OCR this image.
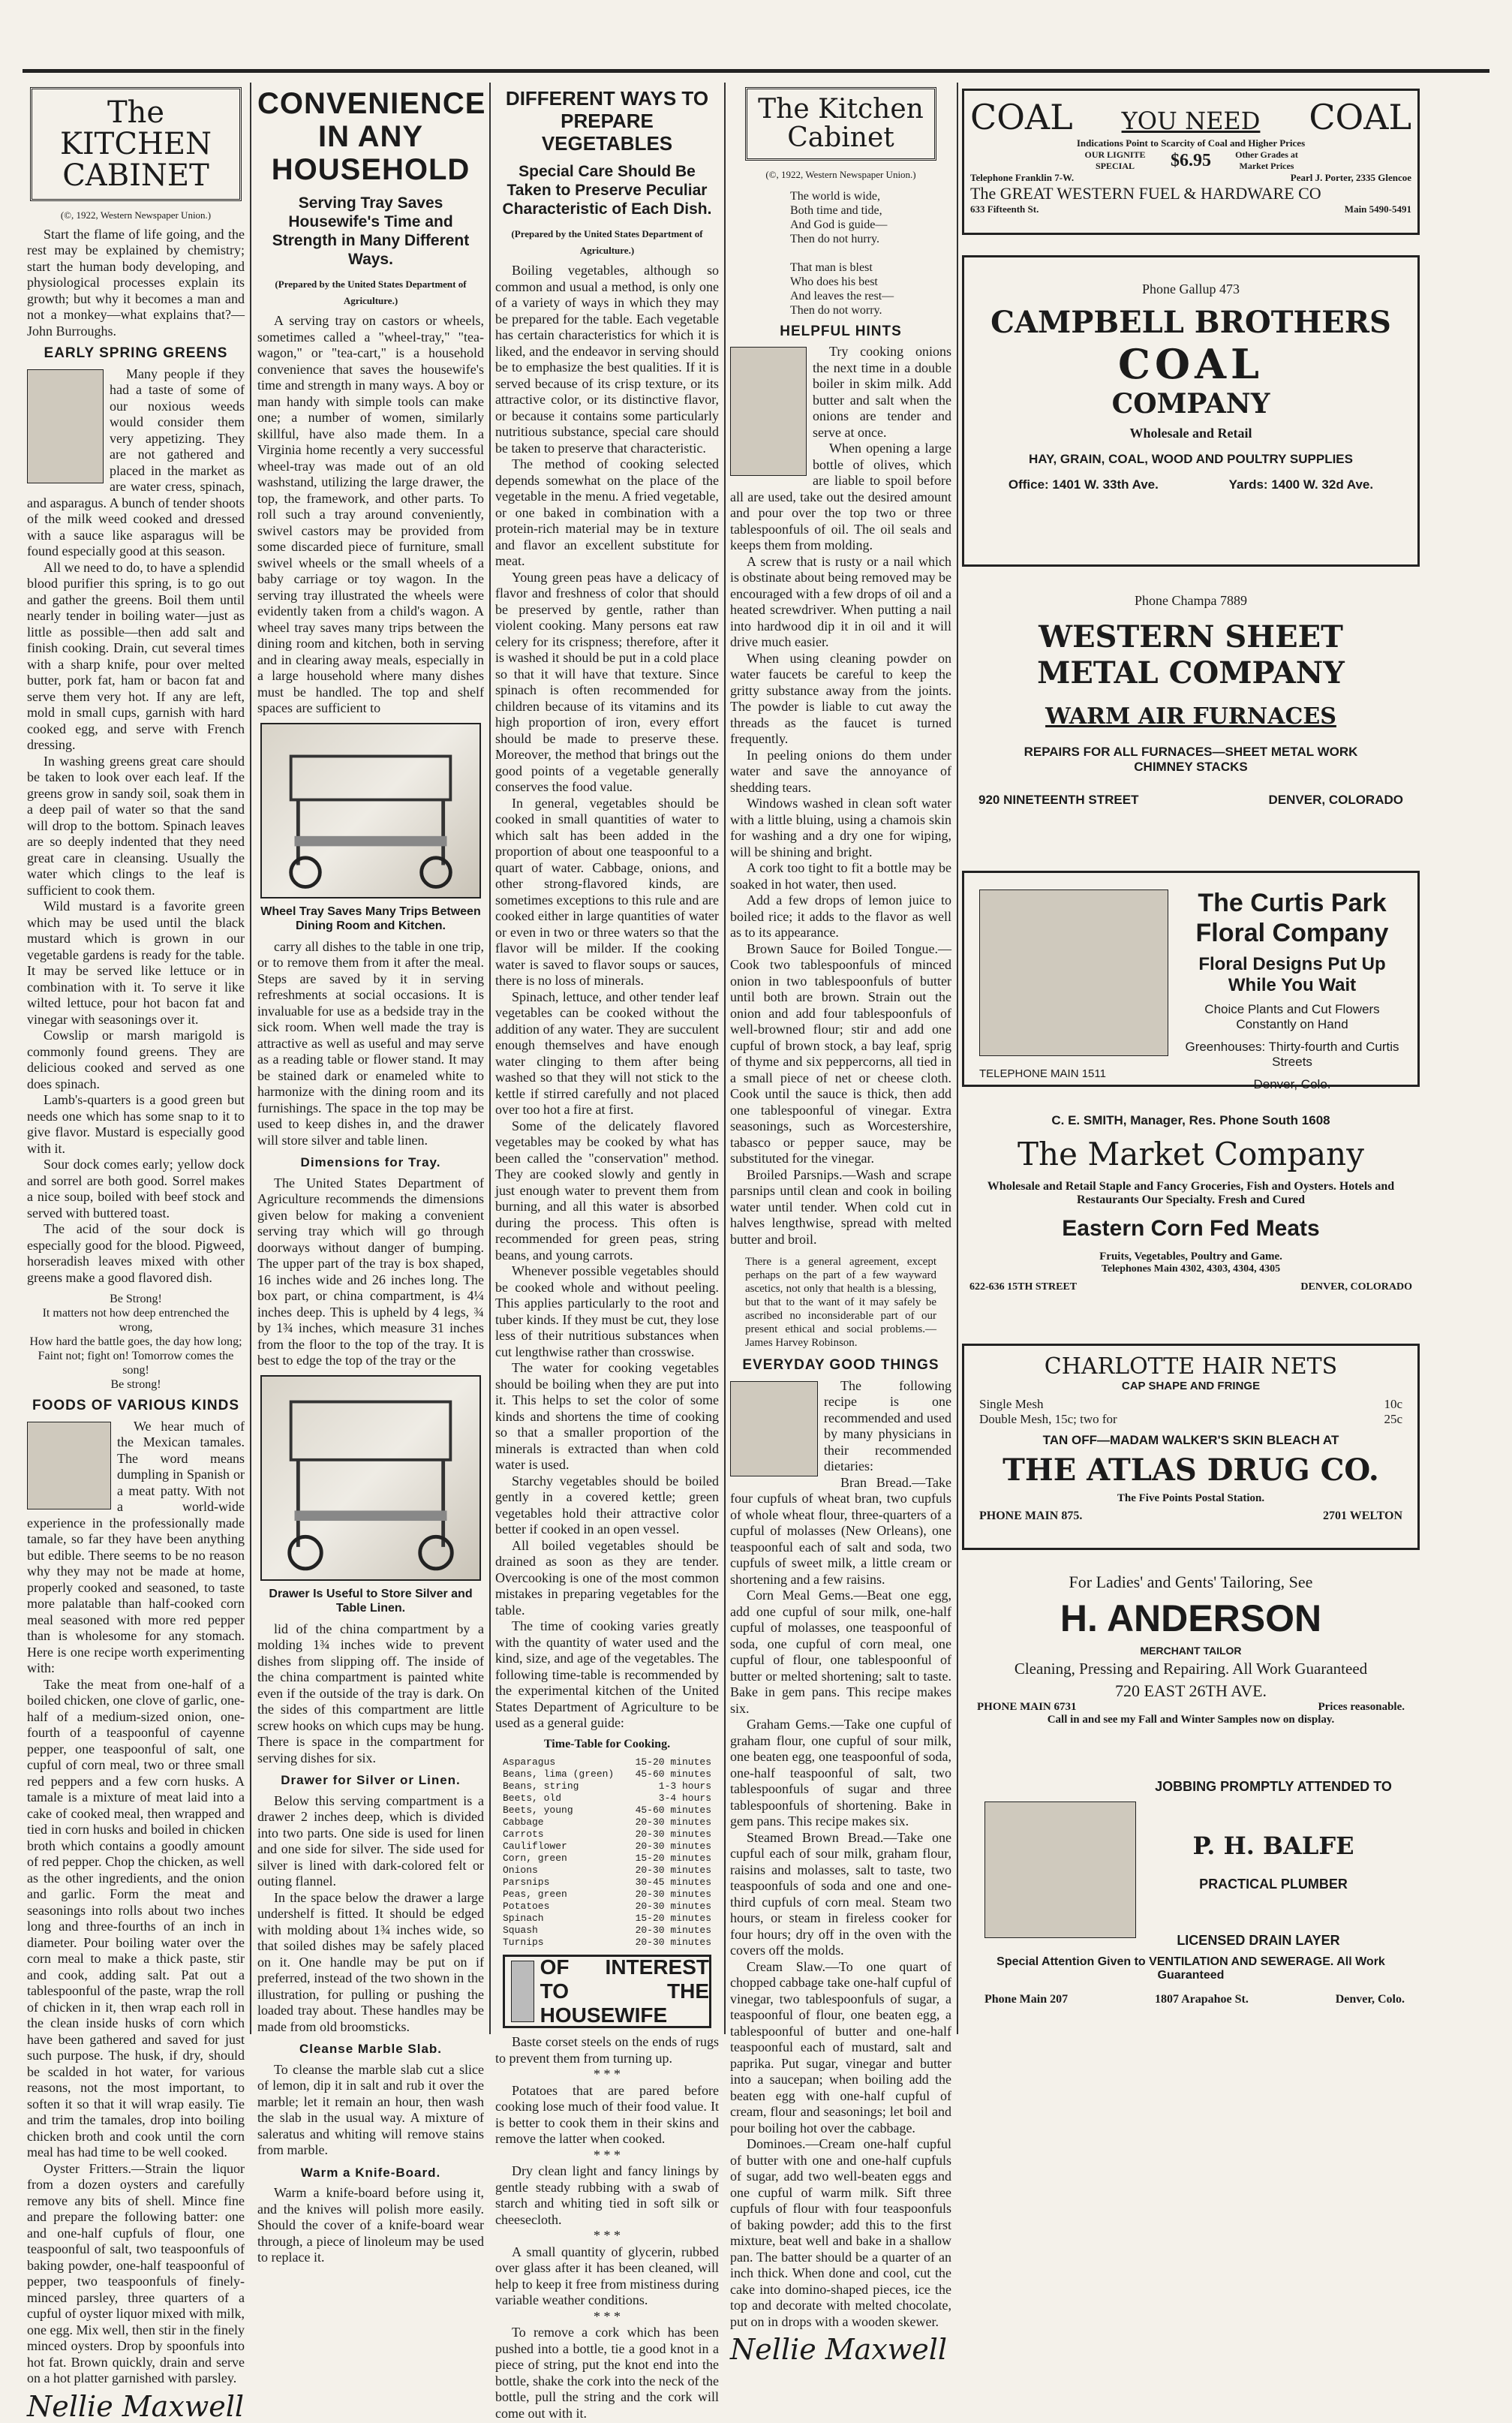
The KITCHEN CABINET
(©, 1922, Western Newspaper Union.)

Start the flame of life going, and the rest may be explained by chemistry; start the human body developing, and physiological processes explain its growth; but why it becomes a man and not a monkey—what explains that?—John Burroughs.

EARLY SPRING GREENS

Many people if they had a taste of some of our noxious weeds would consider them very appetizing. They are not gathered and placed in the market as are water cress, spinach, and asparagus. A bunch of tender shoots of the milk weed cooked and dressed with a sauce like asparagus will be found especially good at this season.

All we need to do, to have a splendid blood purifier this spring, is to go out and gather the greens. Boil them until nearly tender in boiling water—just as little as possible—then add salt and finish cooking. Drain, cut several times with a sharp knife, pour over melted butter, pork fat, ham or bacon fat and serve them very hot. If any are left, mold in small cups, garnish with hard cooked egg, and serve with French dressing.

In washing greens great care should be taken to look over each leaf. If the greens grow in sandy soil, soak them in a deep pail of water so that the sand will drop to the bottom. Spinach leaves are so deeply indented that they need great care in cleansing. Usually the water which clings to the leaf is sufficient to cook them.

Wild mustard is a favorite green which may be used until the black mustard which is grown in our vegetable gardens is ready for the table. It may be served like lettuce or in combination with it. To serve it like wilted lettuce, pour hot bacon fat and vinegar with seasonings over it.

Cowslip or marsh marigold is commonly found greens. They are delicious cooked and served as one does spinach.

Lamb's-quarters is a good green but needs one which has some snap to it to give flavor. Mustard is especially good with it.

Sour dock comes early; yellow dock and sorrel are both good. Sorrel makes a nice soup, boiled with beef stock and served with buttered toast.

The acid of the sour dock is especially good for the blood. Pigweed, horseradish leaves mixed with other greens make a good flavored dish.

Be Strong!
It matters not how deep entrenched the wrong,
How hard the battle goes, the day how long;
Faint not; fight on! Tomorrow comes the song!
Be strong!
FOODS OF VARIOUS KINDS

We hear much of the Mexican tamales. The word means dumpling in Spanish or a meat patty. With not a world-wide experience in the professionally made tamale, so far they have been anything but edible. There seems to be no reason why they may not be made at home, properly cooked and seasoned, to taste more palatable than half-cooked corn meal seasoned with more red pepper than is wholesome for any stomach. Here is one recipe worth experimenting with:

Take the meat from one-half of a boiled chicken, one clove of garlic, one-half of a medium-sized onion, one-fourth of a teaspoonful of cayenne pepper, one teaspoonful of salt, one cupful of corn meal, two or three small red peppers and a few corn husks. A tamale is a mixture of meat laid into a cake of cooked meal, then wrapped and tied in corn husks and boiled in chicken broth which contains a goodly amount of red pepper. Chop the chicken, as well as the other ingredients, and the onion and garlic. Form the meat and seasonings into rolls about two inches long and three-fourths of an inch in diameter. Pour boiling water over the corn meal to make a thick paste, stir and cook, adding salt. Pat out a tablespoonful of the paste, wrap the roll of chicken in it, then wrap each roll in the clean inside husks of corn which have been gathered and saved for just such purpose. The husk, if dry, should be scalded in hot water, for various reasons, not the most important, to soften it so that it will wrap easily. Tie and trim the tamales, drop into boiling chicken broth and cook until the corn meal has had time to be well cooked.

Oyster Fritters.—Strain the liquor from a dozen oysters and carefully remove any bits of shell. Mince fine and prepare the following batter: one and one-half cupfuls of flour, one teaspoonful of salt, two teaspoonfuls of baking powder, one-half teaspoonful of pepper, two teaspoonfuls of finely-minced parsley, three quarters of a cupful of oyster liquor mixed with milk, one egg. Mix well, then stir in the finely minced oysters. Drop by spoonfuls into hot fat. Brown quickly, drain and serve on a hot platter garnished with parsley.

Nellie Maxwell
CONVENIENCE IN ANY HOUSEHOLD
Serving Tray Saves Housewife's Time and Strength in Many Different Ways.
(Prepared by the United States Department of Agriculture.)

A serving tray on castors or wheels, sometimes called a "wheel-tray," "tea-wagon," or "tea-cart," is a household convenience that saves the housewife's time and strength in many ways. A boy or man handy with simple tools can make one; a number of women, similarly skillful, have also made them. In a Virginia home recently a very successful wheel-tray was made out of an old washstand, utilizing the large drawer, the top, the framework, and other parts. To roll such a tray around conveniently, swivel castors may be provided from some discarded piece of furniture, small swivel wheels or the small wheels of a baby carriage or toy wagon. In the serving tray illustrated the wheels were evidently taken from a child's wagon. A wheel tray saves many trips between the dining room and kitchen, both in serving and in clearing away meals, especially in a large household where many dishes must be handled. The top and shelf spaces are sufficient to

Wheel Tray Saves Many Trips Between Dining Room and Kitchen.

carry all dishes to the table in one trip, or to remove them from it after the meal. Steps are saved by it in serving refreshments at social occasions. It is invaluable for use as a bedside tray in the sick room. When well made the tray is attractive as well as useful and may serve as a reading table or flower stand. It may be stained dark or enameled white to harmonize with the dining room and its furnishings. The space in the top may be used to keep dishes in, and the drawer will store silver and table linen.

Dimensions for Tray.

The United States Department of Agriculture recommends the dimensions given below for making a convenient serving tray which will go through doorways without danger of bumping. The upper part of the tray is box shaped, 16 inches wide and 26 inches long. The box part, or china compartment, is 4¼ inches deep. This is upheld by 4 legs, ¾ by 1¾ inches, which measure 31 inches from the floor to the top of the tray. It is best to edge the top of the tray or the

Drawer Is Useful to Store Silver and Table Linen.

lid of the china compartment by a molding 1¾ inches wide to prevent dishes from slipping off. The inside of the china compartment is painted white even if the outside of the tray is dark. On the sides of this compartment are little screw hooks on which cups may be hung. There is space in the compartment for serving dishes for six.

Drawer for Silver or Linen.

Below this serving compartment is a drawer 2 inches deep, which is divided into two parts. One side is used for linen and one side for silver. The side used for silver is lined with dark-colored felt or outing flannel.

In the space below the drawer a large undershelf is fitted. It should be edged with molding about 1¾ inches wide, so that soiled dishes may be safely placed on it. One handle may be put on if preferred, instead of the two shown in the illustration, for pulling or pushing the loaded tray about. These handles may be made from old broomsticks.

Cleanse Marble Slab.

To cleanse the marble slab cut a slice of lemon, dip it in salt and rub it over the marble; let it remain an hour, then wash the slab in the usual way. A mixture of saleratus and whiting will remove stains from marble.

Warm a Knife-Board.

Warm a knife-board before using it, and the knives will polish more easily. Should the cover of a knife-board wear through, a piece of linoleum may be used to replace it.

DIFFERENT WAYS TO PREPARE VEGETABLES
Special Care Should Be Taken to Preserve Peculiar Characteristic of Each Dish.
(Prepared by the United States Department of Agriculture.)

Boiling vegetables, although so common and usual a method, is only one of a variety of ways in which they may be prepared for the table. Each vegetable has certain characteristics for which it is liked, and the endeavor in serving should be to emphasize the best qualities. If it is served because of its crisp texture, or its attractive color, or its distinctive flavor, or because it contains some particularly nutritious substance, special care should be taken to preserve that characteristic.

The method of cooking selected depends somewhat on the place of the vegetable in the menu. A fried vegetable, or one baked in combination with a protein-rich material may be in texture and flavor an excellent substitute for meat.

Young green peas have a delicacy of flavor and freshness of color that should be preserved by gentle, rather than violent cooking. Many persons eat raw celery for its crispness; therefore, after it is washed it should be put in a cold place so that it will have that texture. Since spinach is often recommended for children because of its vitamins and its high proportion of iron, every effort should be made to preserve these. Moreover, the method that brings out the good points of a vegetable generally conserves the food value.

In general, vegetables should be cooked in small quantities of water to which salt has been added in the proportion of about one teaspoonful to a quart of water. Cabbage, onions, and other strong-flavored kinds, are sometimes exceptions to this rule and are cooked either in large quantities of water or even in two or three waters so that the flavor will be milder. If the cooking water is saved to flavor soups or sauces, there is no loss of minerals.

Spinach, lettuce, and other tender leaf vegetables can be cooked without the addition of any water. They are succulent enough themselves and have enough water clinging to them after being washed so that they will not stick to the kettle if stirred carefully and not placed over too hot a fire at first.

Some of the delicately flavored vegetables may be cooked by what has been called the "conservation" method. They are cooked slowly and gently in just enough water to prevent them from burning, and all this water is absorbed during the process. This often is recommended for green peas, string beans, and young carrots.

Whenever possible vegetables should be cooked whole and without peeling. This applies particularly to the root and tuber kinds. If they must be cut, they lose less of their nutritious substances when cut lengthwise rather than crosswise.

The water for cooking vegetables should be boiling when they are put into it. This helps to set the color of some kinds and shortens the time of cooking so that a smaller proportion of the minerals is extracted than when cold water is used.

Starchy vegetables should be boiled gently in a covered kettle; green vegetables hold their attractive color better if cooked in an open vessel.

All boiled vegetables should be drained as soon as they are tender. Overcooking is one of the most common mistakes in preparing vegetables for the table.

The time of cooking varies greatly with the quantity of water used and the kind, size, and age of the vegetables. The following time-table is recommended by the experimental kitchen of the United States Department of Agriculture to be used as a general guide:

Time-Table for Cooking.
Asparagus	15-20 minutes
Beans, lima (green) 45-60 minutes
Beans, string	1-3 hours
Beets, old	3-4 hours
Beets, young	45-60 minutes
Cabbage	20-30 minutes
Carrots	20-30 minutes
Cauliflower	20-30 minutes
Corn, green	15-20 minutes
Onions	20-30 minutes
Parsnips	30-45 minutes
Peas, green	20-30 minutes
Potatoes	20-30 minutes
Spinach	15-20 minutes
Squash	20-30 minutes
Turnips	20-30 minutes
OF INTEREST TO THE HOUSEWIFE

Baste corset steels on the ends of rugs to prevent them from turning up.

* * *

Potatoes that are pared before cooking lose much of their food value. It is better to cook them in their skins and remove the latter when cooked.

* * *

Dry clean light and fancy linings by gentle steady rubbing with a swab of starch and whiting tied in soft silk or cheesecloth.

* * *

A small quantity of glycerin, rubbed over glass after it has been cleaned, will help to keep it free from mistiness during variable weather conditions.

* * *

To remove a cork which has been pushed into a bottle, tie a good knot in a piece of string, put the knot end into the bottle, shake the cork into the neck of the bottle, pull the string and the cork will come out with it.

The Kitchen Cabinet
(©, 1922, Western Newspaper Union.)
The world is wide,
Both time and tide,
And God is guide—
Then do not hurry.
That man is blest
Who does his best
And leaves the rest—
Then do not worry.
HELPFUL HINTS

Try cooking onions the next time in a double boiler in skim milk. Add butter and salt when the onions are tender and serve at once.

When opening a large bottle of olives, which are liable to spoil before all are used, take out the desired amount and pour over the top two or three tablespoonfuls of oil. The oil seals and keeps them from molding.

A screw that is rusty or a nail which is obstinate about being removed may be encouraged with a few drops of oil and a heated screwdriver. When putting a nail into hardwood dip it in oil and it will drive much easier.

When using cleaning powder on water faucets be careful to keep the gritty substance away from the joints. The powder is liable to cut away the threads as the faucet is turned frequently.

In peeling onions do them under water and save the annoyance of shedding tears.

Windows washed in clean soft water with a little bluing, using a chamois skin for washing and a dry one for wiping, will be shining and bright.

A cork too tight to fit a bottle may be soaked in hot water, then used.

Add a few drops of lemon juice to boiled rice; it adds to the flavor as well as to its appearance.

Brown Sauce for Boiled Tongue.—Cook two tablespoonfuls of minced onion in two tablespoonfuls of butter until both are brown. Strain out the onion and add four tablespoonfuls of well-browned flour; stir and add one cupful of brown stock, a bay leaf, sprig of thyme and six peppercorns, all tied in a small piece of net or cheese cloth. Cook until the sauce is thick, then add one tablespoonful of vinegar. Extra seasonings, such as Worcestershire, tabasco or pepper sauce, may be substituted for the vinegar.

Broiled Parsnips.—Wash and scrape parsnips until clean and cook in boiling water until tender. When cold cut in halves lengthwise, spread with melted butter and broil.

There is a general agreement, except perhaps on the part of a few wayward ascetics, not only that health is a blessing, but that to the want of it may safely be ascribed no inconsiderable part of our present ethical and social problems.—James Harvey Robinson.

EVERYDAY GOOD THINGS

The following recipe is one recommended and used by many physicians in their recommended dietaries:

Bran Bread.—Take four cupfuls of wheat bran, two cupfuls of whole wheat flour, three-quarters of a cupful of molasses (New Orleans), one teaspoonful each of salt and soda, two cupfuls of sweet milk, a little cream or shortening and a few raisins.

Corn Meal Gems.—Beat one egg, add one cupful of sour milk, one-half cupful of molasses, one teaspoonful of soda, one cupful of corn meal, one cupful of flour, one tablespoonful of butter or melted shortening; salt to taste. Bake in gem pans. This recipe makes six.

Graham Gems.—Take one cupful of graham flour, one cupful of sour milk, one beaten egg, one teaspoonful of soda, one-half teaspoonful of salt, two tablespoonfuls of sugar and three tablespoonfuls of shortening. Bake in gem pans. This recipe makes six.

Steamed Brown Bread.—Take one cupful each of sour milk, graham flour, raisins and molasses, salt to taste, two teaspoonfuls of soda and one and one-third cupfuls of corn meal. Steam two hours, or steam in fireless cooker for four hours; dry off in the oven with the covers off the molds.

Cream Slaw.—To one quart of chopped cabbage take one-half cupful of vinegar, two tablespoonfuls of sugar, a teaspoonful of flour, one beaten egg, a tablespoonful of butter and one-half teaspoonful each of mustard, salt and paprika. Put sugar, vinegar and butter into a saucepan; when boiling add the beaten egg with one-half cupful of cream, flour and seasonings; let boil and pour boiling hot over the cabbage.

Dominoes.—Cream one-half cupful of butter with one and one-half cupfuls of sugar, add two well-beaten eggs and one cupful of warm milk. Sift three cupfuls of flour with four teaspoonfuls of baking powder; add this to the first mixture, beat well and bake in a shallow pan. The batter should be a quarter of an inch thick. When done and cool, cut the cake into domino-shaped pieces, ice the top and decorate with melted chocolate, put on in drops with a wooden skewer.

Nellie Maxwell
COAL YOU NEED COAL
Indications Point to Scarcity of Coal and Higher Prices
OUR LIGNITE SPECIAL	$6.95	Other Grades at Market Prices
Telephone Franklin 7-W.	Pearl J. Porter, 2335 Glencoe
The GREAT WESTERN FUEL & HARDWARE CO
633 Fifteenth St.	Main 5490-5491
Phone Gallup 473
CAMPBELL BROTHERS
COAL
COMPANY
Wholesale and Retail
HAY, GRAIN, COAL, WOOD AND POULTRY SUPPLIES
Office: 1401 W. 33th Ave.	Yards: 1400 W. 32d Ave.
Phone Champa 7889
WESTERN SHEET METAL COMPANY
WARM AIR FURNACES
REPAIRS FOR ALL FURNACES—SHEET METAL WORK CHIMNEY STACKS
920 NINETEENTH STREET	DENVER, COLORADO
The Curtis Park Floral Company
Floral Designs Put Up While You Wait
Choice Plants and Cut Flowers Constantly on Hand
Greenhouses: Thirty-fourth and Curtis Streets
Denver, Colo.
TELEPHONE MAIN 1511
C. E. SMITH, Manager, Res. Phone South 1608
The Market Company
Wholesale and Retail Staple and Fancy Groceries, Fish and Oysters. Hotels and Restaurants Our Specialty. Fresh and Cured
Eastern Corn Fed Meats
Fruits, Vegetables, Poultry and Game.
Telephones Main 4302, 4303, 4304, 4305
622-636 15TH STREET	DENVER, COLORADO
CHARLOTTE HAIR NETS
CAP SHAPE AND FRINGE
Single Mesh	10c
Double Mesh, 15c; two for	25c
TAN OFF—MADAM WALKER'S SKIN BLEACH AT
THE ATLAS DRUG CO.
The Five Points Postal Station.
PHONE MAIN 875.	2701 WELTON
For Ladies' and Gents' Tailoring, See
H. ANDERSON
MERCHANT TAILOR
Cleaning, Pressing and Repairing. All Work Guaranteed
720 EAST 26TH AVE.
PHONE MAIN 6731	Prices reasonable.
Call in and see my Fall and Winter Samples now on display.
JOBBING PROMPTLY ATTENDED TO
P. H. BALFE
PRACTICAL PLUMBER
LICENSED DRAIN LAYER
Special Attention Given to VENTILATION AND SEWERAGE. All Work Guaranteed
Phone Main 207	1807 Arapahoe St.	Denver, Colo.
